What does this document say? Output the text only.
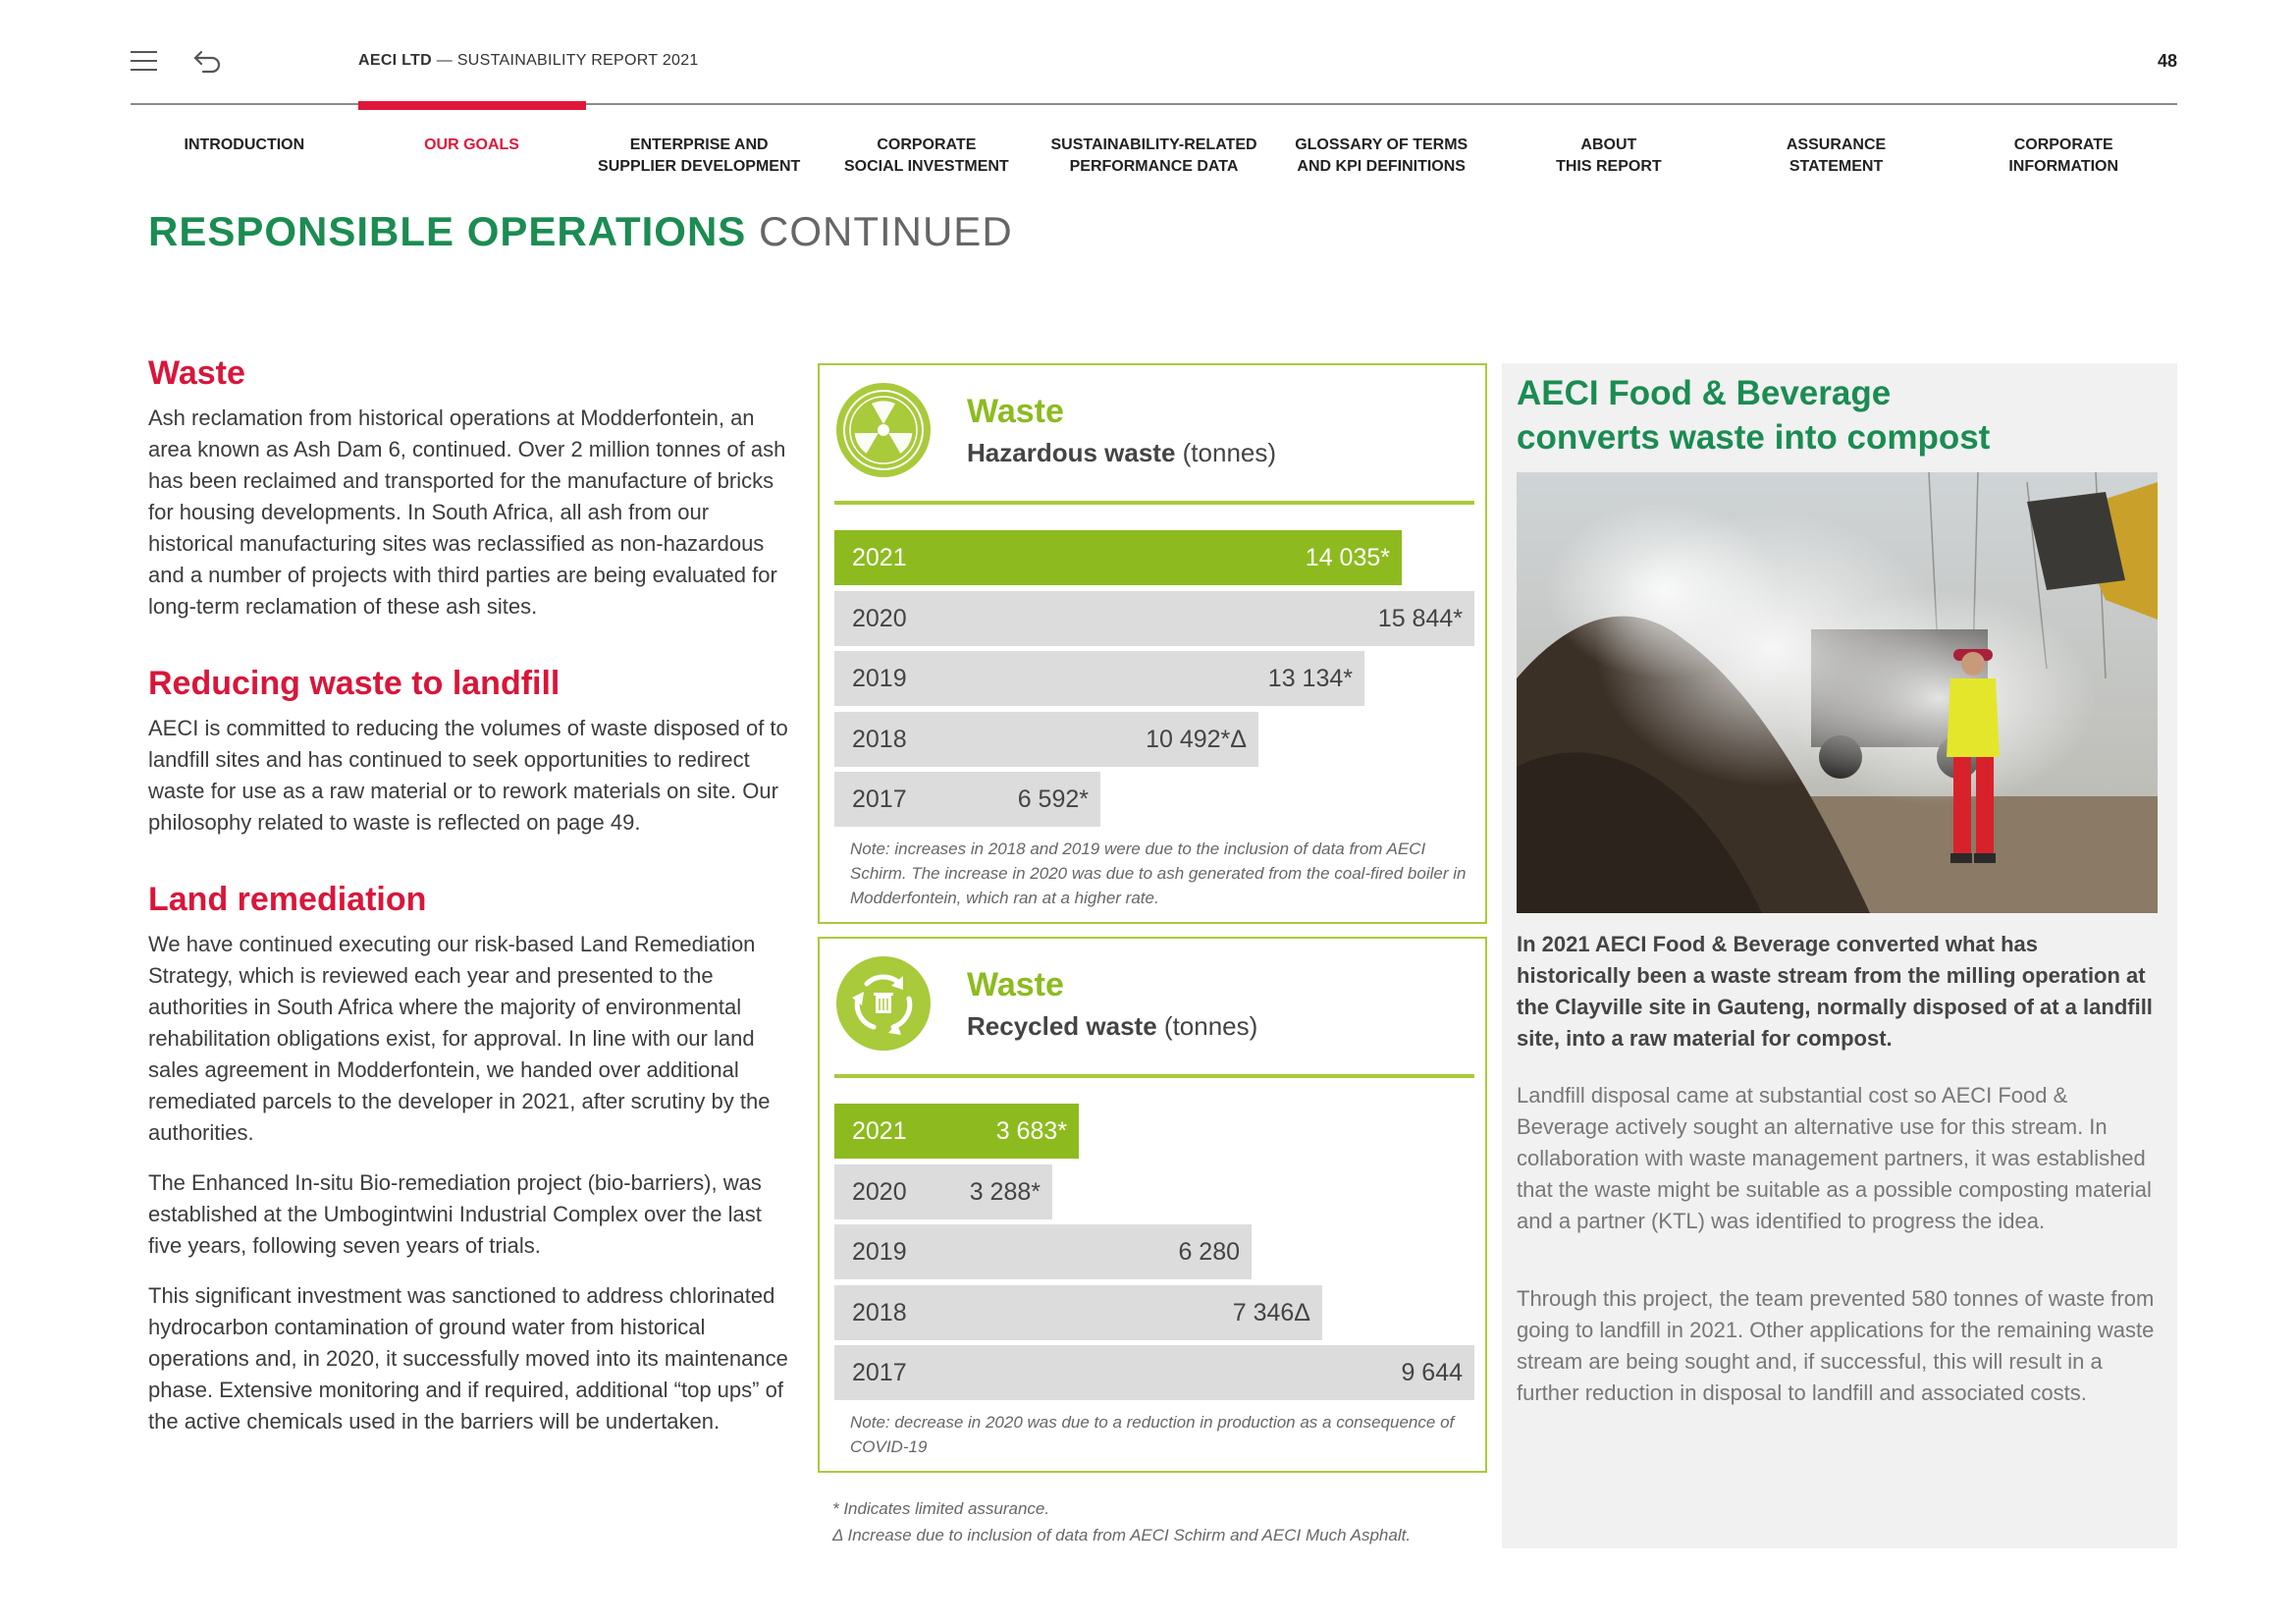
AECI LTD — SUSTAINABILITY REPORT 2021	48
INTRODUCTION	OUR GOALS	ENTERPRISE AND
SUPPLIER DEVELOPMENT
CORPORATE
SOCIAL INVESTMENT
SUSTAINABILITY-RELATED
PERFORMANCE DATA
GLOSSARY OF TERMS
AND KPI DEFINITIONS
ABOUT
THIS REPORT
ASSURANCE
STATEMENT
CORPORATE
INFORMATION
RESPONSIBLE OPERATIONS CONTINUED
Waste

Ash reclamation from historical operations at Modderfontein, an area known as Ash Dam 6, continued. Over 2 million tonnes of ash has been reclaimed and transported for the manufacture of bricks for housing developments. In South Africa, all ash from our historical manufacturing sites was reclassified as non-hazardous and a number of projects with third parties are being evaluated for long-term reclamation of these ash sites.

Reducing waste to landfill

AECI is committed to reducing the volumes of waste disposed of to landfill sites and has continued to seek opportunities to redirect waste for use as a raw material or to rework materials on site. Our philosophy related to waste is reflected on page 49.

Land remediation

We have continued executing our risk-based Land Remediation Strategy, which is reviewed each year and presented to the authorities in South Africa where the majority of environmental rehabilitation obligations exist, for approval. In line with our land sales agreement in Modderfontein, we handed over additional remediated parcels to the developer in 2021, after scrutiny by the authorities.

The Enhanced In-situ Bio-remediation project (bio-barriers), was established at the Umbogintwini Industrial Complex over the last five years, following seven years of trials.

This significant investment was sanctioned to address chlorinated hydrocarbon contamination of ground water from historical operations and, in 2020, it successfully moved into its maintenance phase. Extensive monitoring and if required, additional “top ups” of the active chemicals used in the barriers will be undertaken.

Waste
Hazardous waste (tonnes)
2021	14 035*
2020	15 844*
2019	13 134*
2018	10 492*Δ
2017	6 592*

Note: increases in 2018 and 2019 were due to the inclusion of data from AECI Schirm. The increase in 2020 was due to ash generated from the coal-fired boiler in Modderfontein, which ran at a higher rate.

Waste
Recycled waste (tonnes)
2021	3 683*
2020	3 288*
2019	6 280
2018	7 346Δ
2017	9 644

Note: decrease in 2020 was due to a reduction in production as a consequence of COVID-19

* Indicates limited assurance.
Δ Increase due to inclusion of data from AECI Schirm and AECI Much Asphalt.
AECI Food & Beverage
converts waste into compost

In 2021 AECI Food & Beverage converted what has historically been a waste stream from the milling operation at the Clayville site in Gauteng, normally disposed of at a landfill site, into a raw material for compost.

Landfill disposal came at substantial cost so AECI Food & Beverage actively sought an alternative use for this stream. In collaboration with waste management partners, it was established that the waste might be suitable as a possible composting material and a partner (KTL) was identified to progress the idea.

Through this project, the team prevented 580 tonnes of waste from going to landfill in 2021. Other applications for the remaining waste stream are being sought and, if successful, this will result in a further reduction in disposal to landfill and associated costs.
